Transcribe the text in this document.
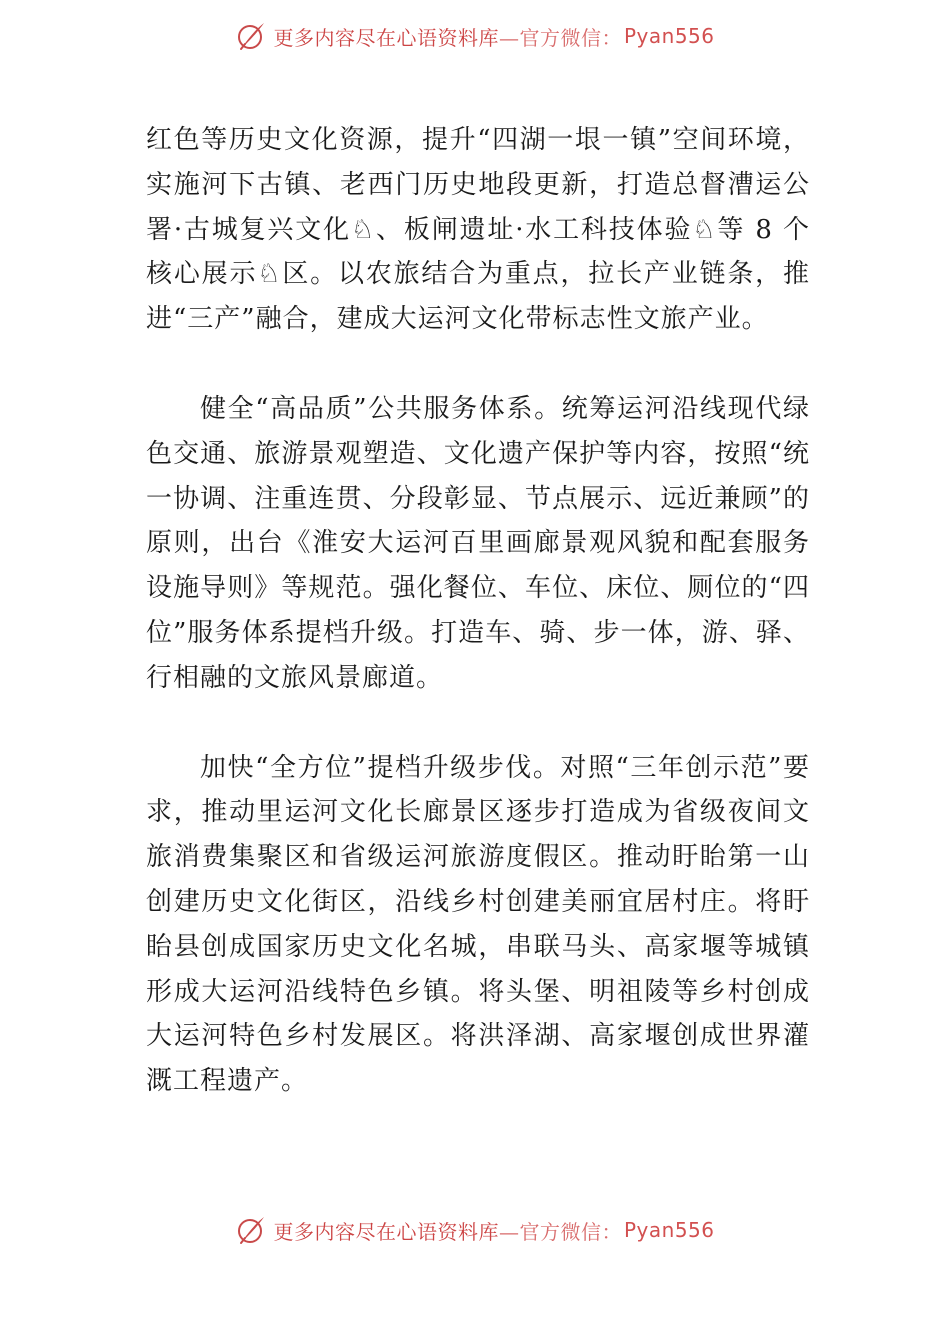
更多内容尽在心语资料库 —官方微信： Pyan556

红色等历史文化资源，提升“四湖一垠一镇”空间环境，实施河下古镇、老西门历史地段更新，打造总督漕运公署·古城复兴文化♘、板闸遗址·水工科技体验♘等 8 个核心展示♘区。以农旅结合为重点，拉长产业链条，推进“三产”融合，建成大运河文化带标志性文旅产业。

健全“高品质”公共服务体系。统筹运河沿线现代绿色交通、旅游景观塑造、文化遗产保护等内容，按照“统一协调、注重连贯、分段彰显、节点展示、远近兼顾”的原则，出台《淮安大运河百里画廊景观风貌和配套服务设施导则》等规范。强化餐位、车位、床位、厕位的“四位”服务体系提档升级。打造车、骑、步一体，游、驿、行相融的文旅风景廊道。

加快“全方位”提档升级步伐。对照“三年创示范”要求，推动里运河文化长廊景区逐步打造成为省级夜间文旅消费集聚区和省级运河旅游度假区。推动盱眙第一山创建历史文化街区，沿线乡村创建美丽宜居村庄。将盱眙县创成国家历史文化名城，串联马头、高家堰等城镇形成大运河沿线特色乡镇。将头堡、明祖陵等乡村创成大运河特色乡村发展区。将洪泽湖、高家堰创成世界灌溉工程遗产。

更多内容尽在心语资料库 —官方微信： Pyan556
